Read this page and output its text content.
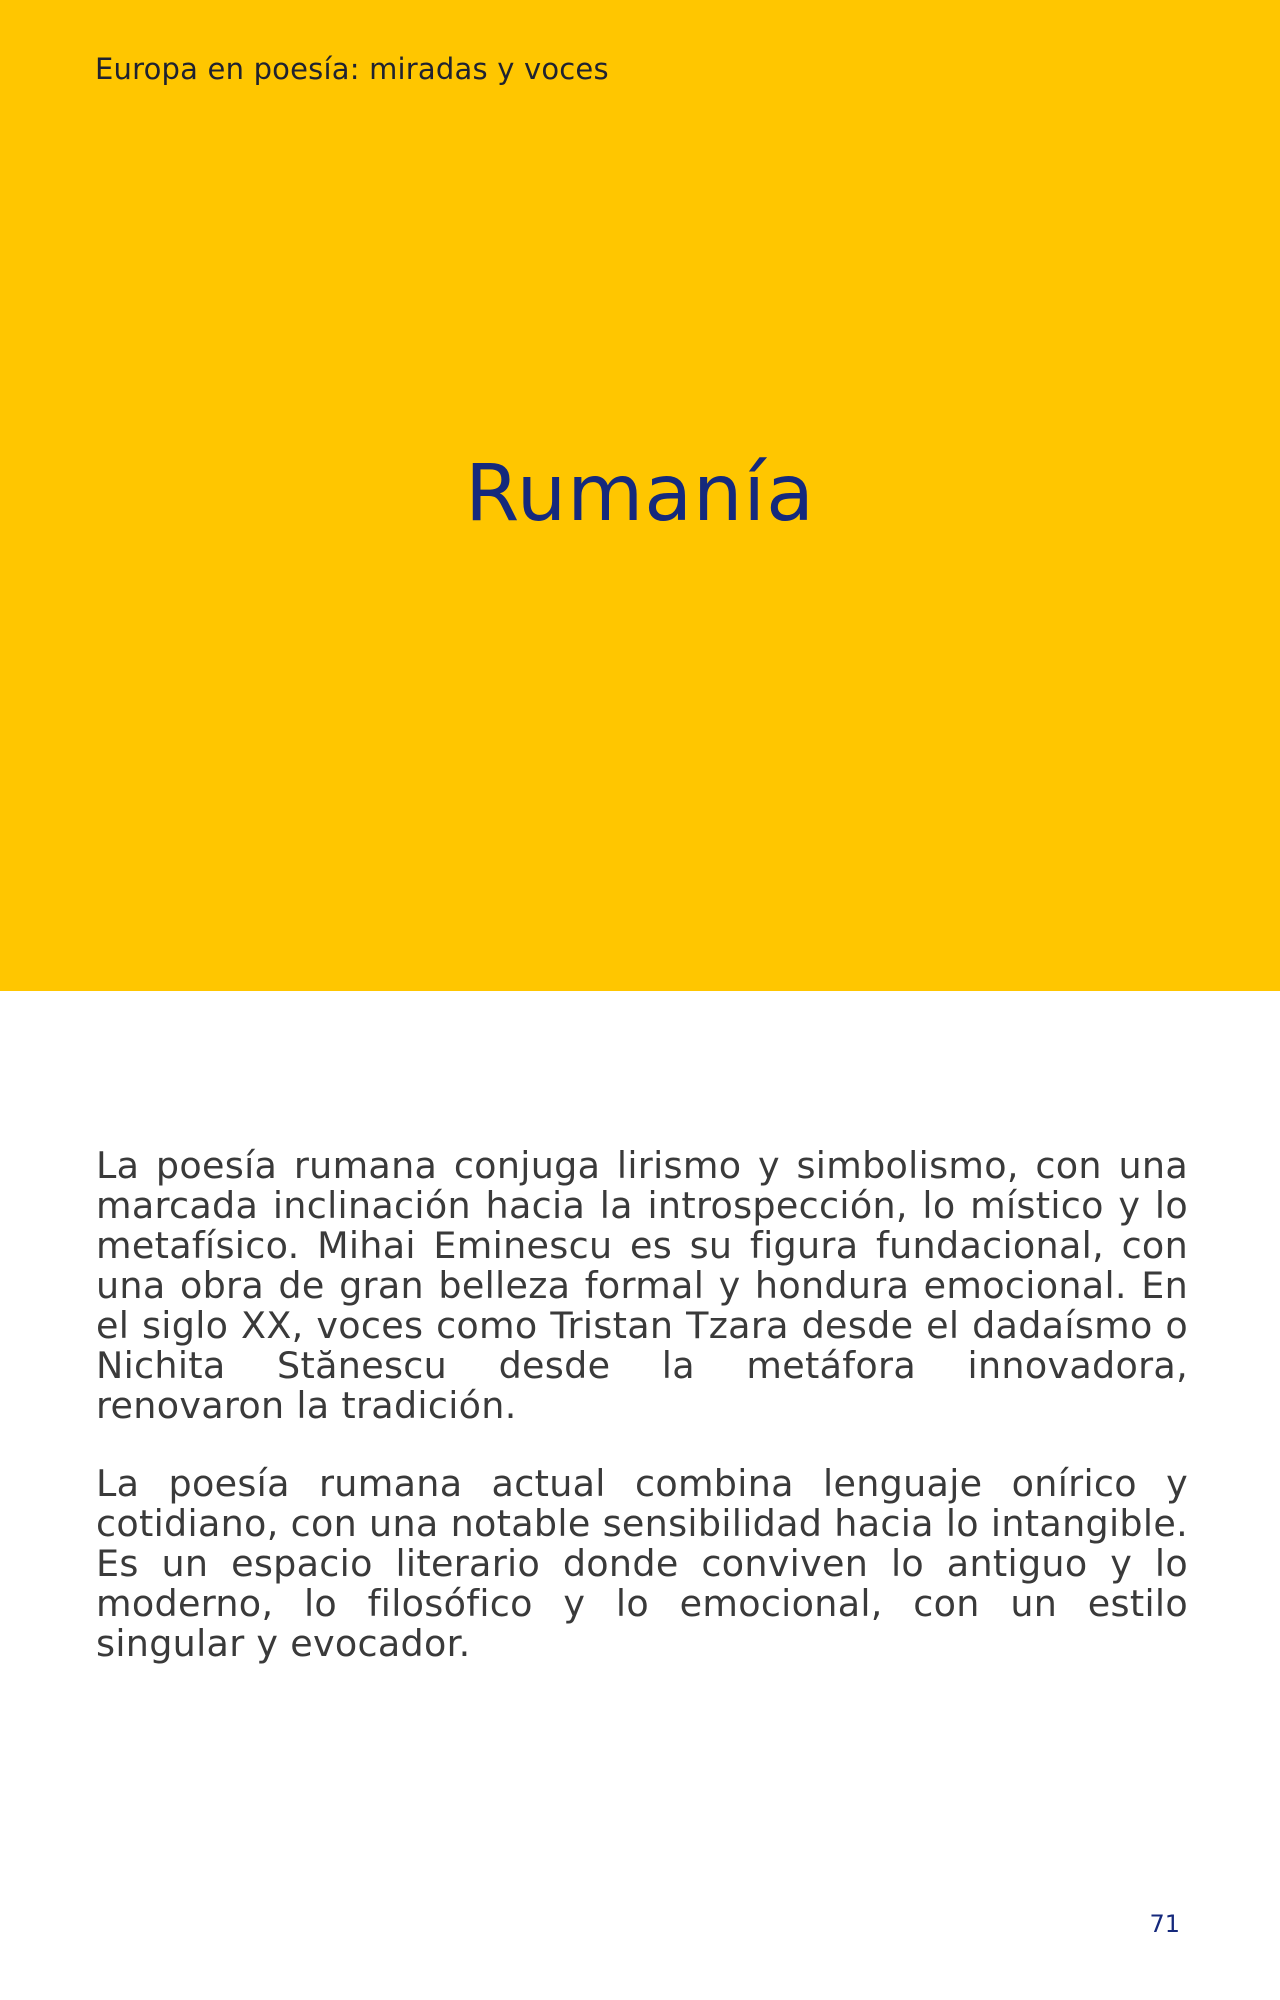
Europa en poesía: miradas y voces
Rumanía

La poesía rumana conjuga lirismo y simbolismo, con una marcada inclinación hacia la introspección, lo místico y lo metafísico. Mihai Eminescu es su figura fundacional, con una obra de gran belleza formal y hondura emocional. En el siglo XX, voces como Tristan Tzara desde el dadaísmo o Nichita Stănescu desde la metáfora innovadora, renovaron la tradición.

La poesía rumana actual combina lenguaje onírico y cotidiano, con una notable sensibilidad hacia lo intangible. Es un espacio literario donde conviven lo antiguo y lo moderno, lo filosófico y lo emocional, con un estilo singular y evocador.

71
